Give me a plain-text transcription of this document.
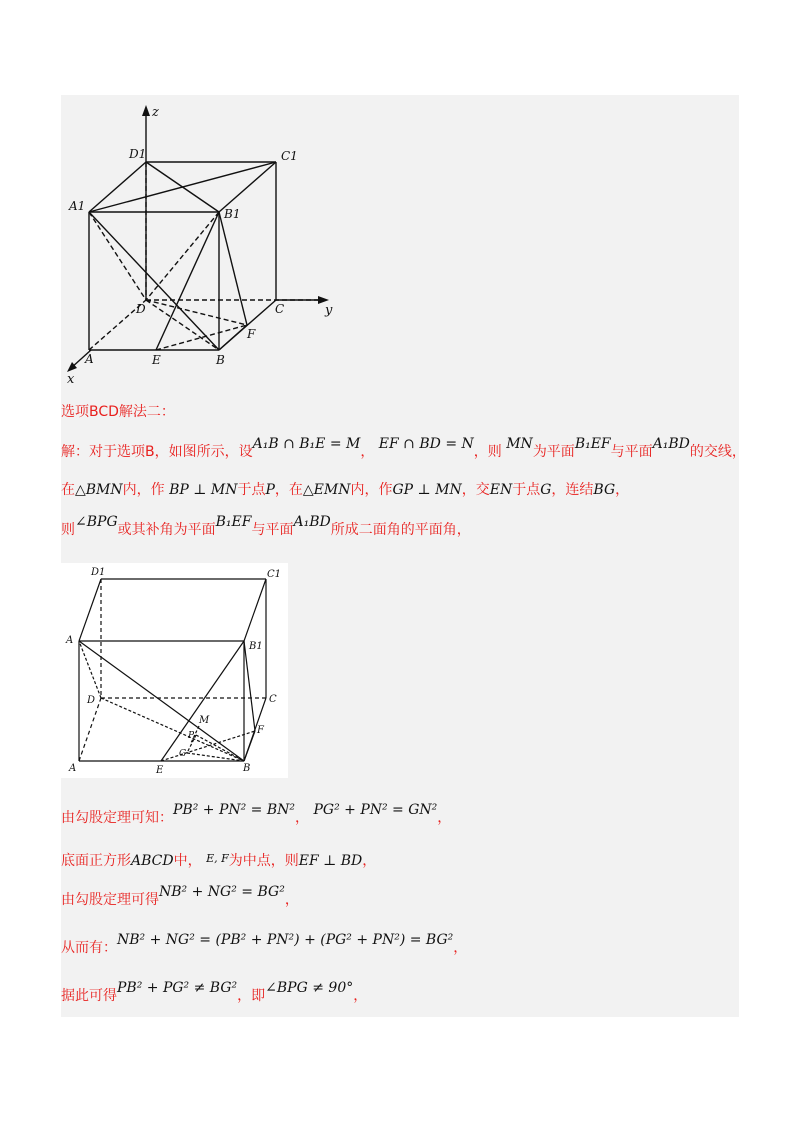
z
y
x
D1	C1
A1
B1
D	C
A	B
E
F
选项BCD解法二：
解：对于选项B，如图所示，设A₁B ∩ B₁E = M， EF ∩ BD = N，则 MN为平面B₁EF与平面A₁BD的交线，
在△BMN内，作 BP ⊥ MN于点P，在△EMN内，作GP ⊥ MN，交EN于点G，连结BG，
则∠BPG或其补角为平面B₁EF与平面A₁BD所成二面角的平面角，
D1	C1
A
B1
D	C
A	B
E
F
M
P
G
由勾股定理可知：PB² + PN² = BN²， PG² + PN² = GN²，
底面正方形ABCD中， $^{E, F}$为中点，则EF ⊥ BD，
由勾股定理可得NB² + NG² = BG²，
从而有：NB² + NG² = (PB² + PN²) + (PG² + PN²) = BG²，
据此可得PB² + PG² ≠ BG²，即∠BPG ≠ 90°，
